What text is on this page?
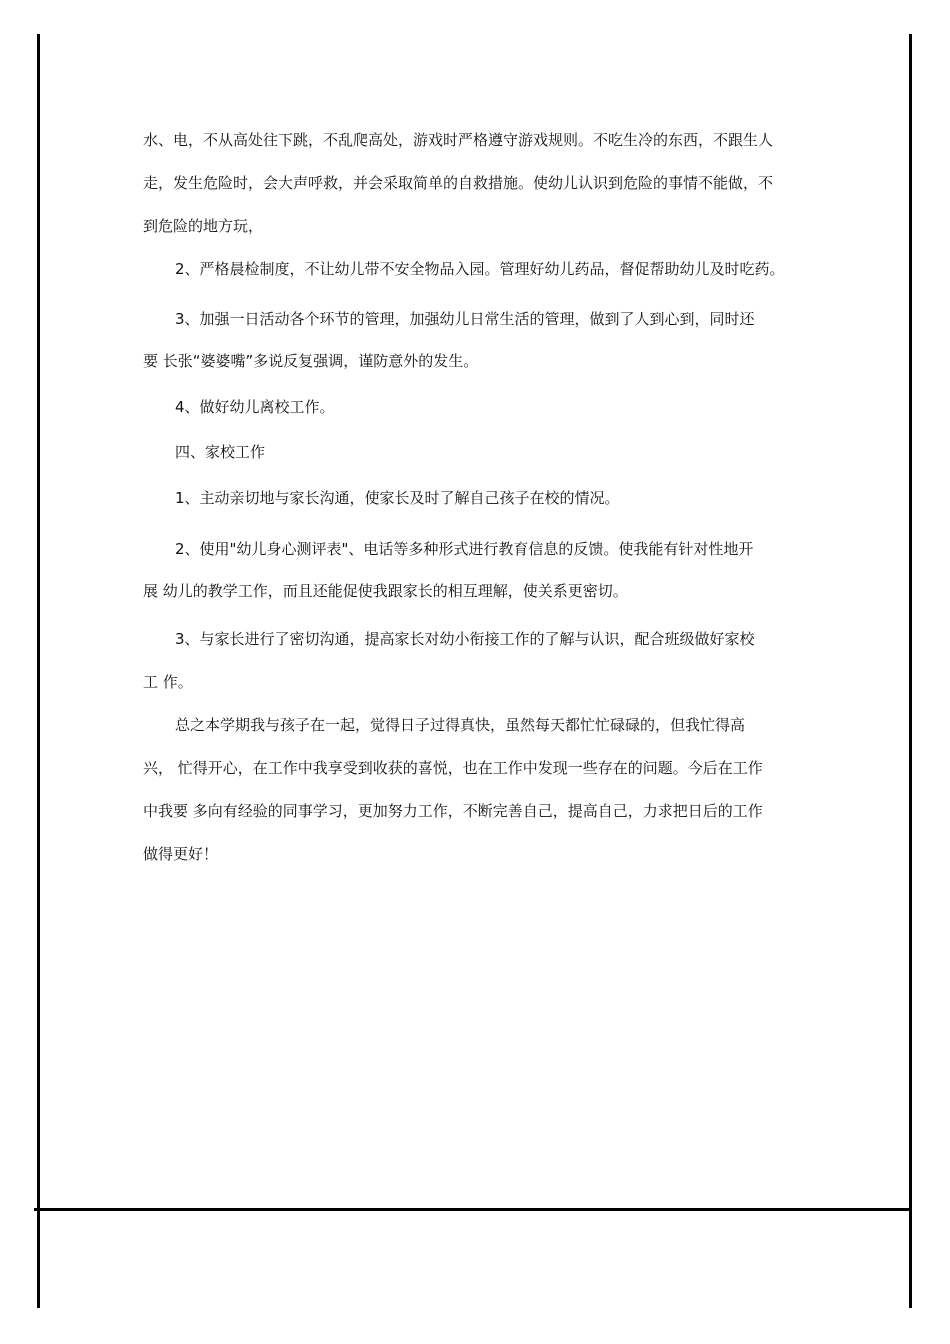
水、电，不从高处往下跳，不乱爬高处，游戏时严格遵守游戏规则。不吃生冷的东西，不跟生人
走，发生危险时，会大声呼救，并会采取简单的自救措施。使幼儿认识到危险的事情不能做，不
到危险的地方玩，
2、严格晨检制度，不让幼儿带不安全物品入园。管理好幼儿药品，督促帮助幼儿及时吃药。
3、加强一日活动各个环节的管理，加强幼儿日常生活的管理，做到了人到心到，同时还
要 长张“婆婆嘴”多说反复强调，谨防意外的发生。
4、做好幼儿离校工作。
四、家校工作
1、主动亲切地与家长沟通，使家长及时了解自己孩子在校的情况。
2、使用"幼儿身心测评表"、电话等多种形式进行教育信息的反馈。使我能有针对性地开
展 幼儿的教学工作，而且还能促使我跟家长的相互理解，使关系更密切。
3、与家长进行了密切沟通，提高家长对幼小衔接工作的了解与认识，配合班级做好家校
工 作。
总之本学期我与孩子在一起，觉得日子过得真快，虽然每天都忙忙碌碌的，但我忙得高
兴， 忙得开心，在工作中我享受到收获的喜悦，也在工作中发现一些存在的问题。今后在工作
中我要 多向有经验的同事学习，更加努力工作，不断完善自己，提高自己，力求把日后的工作
做得更好！
